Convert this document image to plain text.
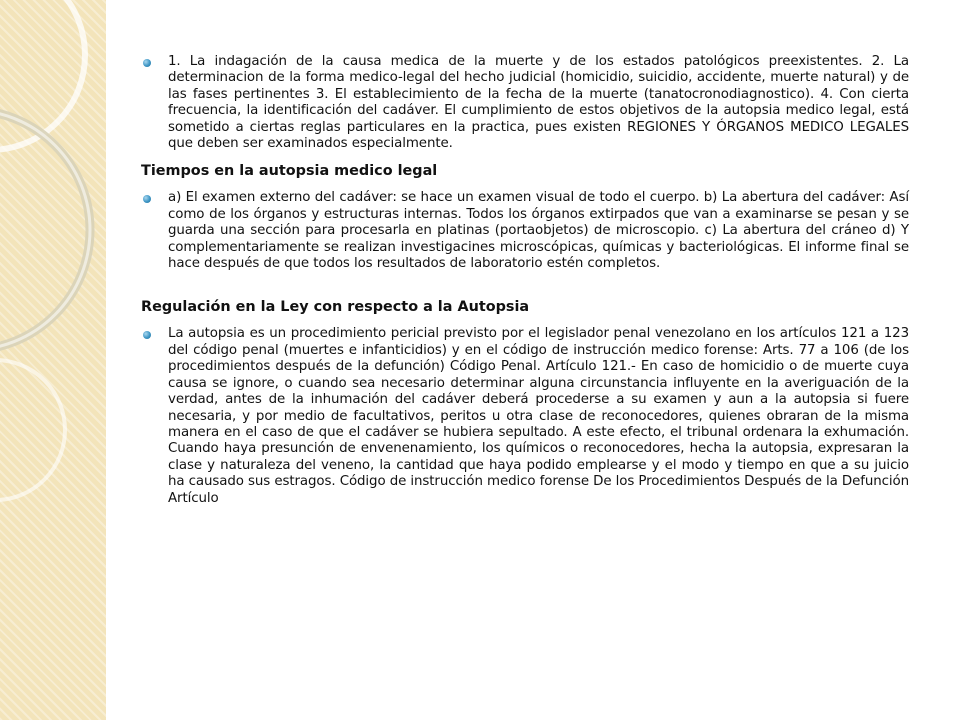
1. La indagación de la causa medica de la muerte y de los estados patológicos preexistentes. 2. La determinacion de la forma medico-legal del hecho judicial (homicidio, suicidio, accidente, muerte natural) y de las fases pertinentes 3. El establecimiento de la fecha de la muerte (tanatocronodiagnostico). 4. Con cierta frecuencia, la identificación del cadáver. El cumplimiento de estos objetivos de la autopsia medico legal, está sometido a ciertas reglas particulares en la practica, pues existen REGIONES Y ÓRGANOS MEDICO LEGALES que deben ser examinados especialmente.
Tiempos en la autopsia medico legal
a) El examen externo del cadáver: se hace un examen visual de todo el cuerpo. b) La abertura del cadáver: Así como de los órganos y estructuras internas. Todos los órganos extirpados que van a examinarse se pesan y se guarda una sección para procesarla en platinas (portaobjetos) de microscopio. c) La abertura del cráneo d) Y complementariamente se realizan investigacines microscópicas, químicas y bacteriológicas. El informe final se hace después de que todos los resultados de laboratorio estén completos.
Regulación en la Ley con respecto a la Autopsia
La autopsia es un procedimiento pericial previsto por el legislador penal venezolano en los artículos 121 a 123 del código penal (muertes e infanticidios) y en el código de instrucción medico forense: Arts. 77 a 106 (de los procedimientos después de la defunción) Código Penal. Artículo 121.- En caso de homicidio o de muerte cuya causa se ignore, o cuando sea necesario determinar alguna circunstancia influyente en la averiguación de la verdad, antes de la inhumación del cadáver deberá procederse a su examen y aun a la autopsia si fuere necesaria, y por medio de facultativos, peritos u otra clase de reconocedores, quienes obraran de la misma manera en el caso de que el cadáver se hubiera sepultado. A este efecto, el tribunal ordenara la exhumación. Cuando haya presunción de envenenamiento, los químicos o reconocedores, hecha la autopsia, expresaran la clase y naturaleza del veneno, la cantidad que haya podido emplearse y el modo y tiempo en que a su juicio ha causado sus estragos. Código de instrucción medico forense De los Procedimientos Después de la Defunción Artículo
